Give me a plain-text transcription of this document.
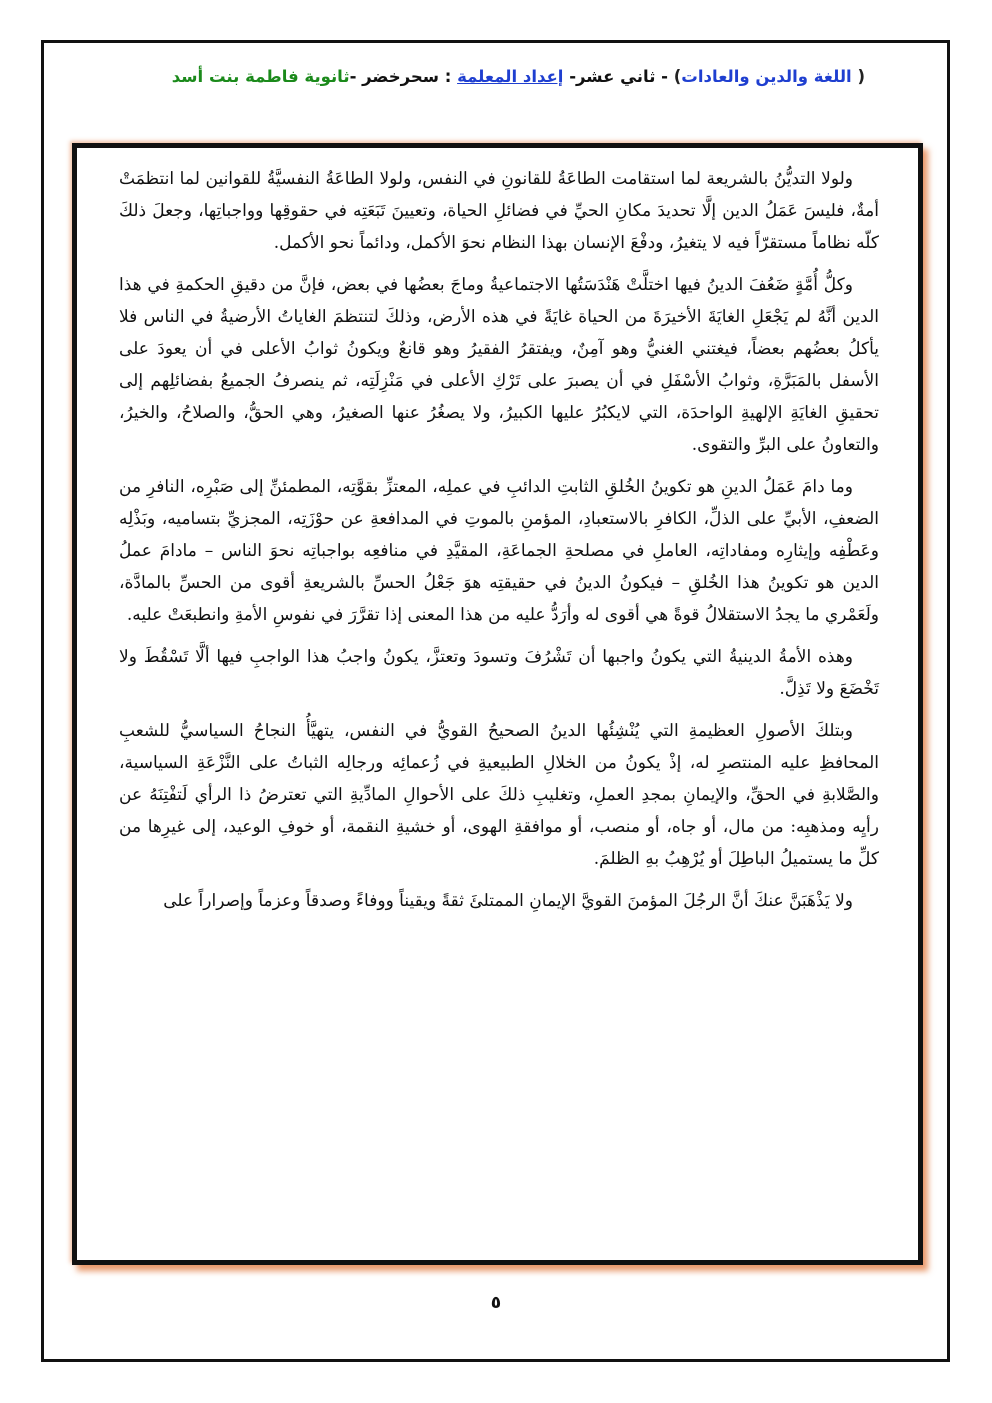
( اللغة والدين والعادات) - ثاني عشر- إعداد المعلمة : سحرخضر -ثانوية فاطمة بنت أسد

ولولا التديُّنُ بالشريعة لما استقامت الطاعَةُ للقانونِ في النفس، ولولا الطاعَةُ النفسيَّةُ للقوانين لما انتظمَتْ أمةٌ، فليسَ عَمَلُ الدين إلَّا تحديدَ مكانِ الحيِّ في فضائلِ الحياة، وتعيينَ تَبَعَتِه في حقوقِها وواجباتِها، وجعلَ ذلكَ كلّه نظاماً مستقرّاً فيه لا يتغيرُ، ودفْعَ الإنسان بهذا النظام نحوَ الأكمل، ودائماً نحو الأكمل.

وكلُّ أُمَّةٍ ضَعُفَ الدينُ فيها اختلَّتْ هَنْدَسَتُها الاجتماعيةُ وماجَ بعضُها في بعض، فإنَّ من دقيقِ الحكمةِ في هذا الدين أنَّهُ لم يَجْعَلِ الغايَةَ الأخيرَةَ من الحياة غايَةً في هذه الأرض، وذلكَ لتنتظمَ الغاياتُ الأرضيةُ في الناس فلا يأكلُ بعضُهم بعضاً، فيغتني الغنيُّ وهو آمِنٌ، ويفتقرُ الفقيرُ وهو قانعٌ ويكونُ ثوابُ الأعلى في أن يعودَ على الأسفل بالمَبَرَّةِ، وثوابُ الأسْفَلِ في أن يصبرَ على تَرْكِ الأعلى في مَنْزِلَتِه، ثم ينصرفُ الجميعُ بفضائلِهم إلى تحقيقِ الغايَةِ الإلهيةِ الواحدَة، التي لايكبُرُ عليها الكبيرُ، ولا يصغُرُ عنها الصغيرُ، وهي الحقُّ، والصلاحُ، والخيرُ، والتعاونُ على البرِّ والتقوى.

وما دامَ عَمَلُ الدينِ هو تكوينُ الخُلقِ الثابتِ الدائبِ في عملِه، المعتزِّ بقوَّتِه، المطمئنِّ إلى صَبْرِه، النافرِ من الضعفِ، الأبيِّ على الذلِّ، الكافرِ بالاستعبادِ، المؤمنِ بالموتِ في المدافعةِ عن حوْزَتِه، المجزيِّ بتساميه، وبَذْلِه وعَطْفِه وإيثارِه ومفاداتِه، العاملِ في مصلحةِ الجماعَةِ، المقيَّدِ في منافعِه بواجباتِه نحوَ الناس – مادامَ عملُ الدين هو تكوينُ هذا الخُلقِ – فيكونُ الدينُ في حقيقتِه هوَ جَعْلُ الحسِّ بالشريعةِ أقوى من الحسِّ بالمادَّة، ولَعَمْري ما يجدُ الاستقلالُ قوةً هي أقوى له وأرَدُّ عليه من هذا المعنى إذا تقرَّرَ في نفوسِ الأمةِ وانطبعَتْ عليه.

وهذه الأمةُ الدينيةُ التي يكونُ واجبها أن تَشْرُفَ وتسودَ وتعتزَّ، يكونُ واجبُ هذا الواجبِ فيها ألَّا تَسْقُطَ ولا تَخْضَعَ ولا تَذِلَّ.

وبتلكَ الأصولِ العظيمةِ التي يُنْشِئُها الدينُ الصحيحُ القويُّ في النفس، يتهيَّأُ النجاحُ السياسيُّ للشعبِ المحافظِ عليه المنتصرِ له، إذْ يكونُ من الخلالِ الطبيعيةِ في زُعمائِه ورجالِه الثباتُ على النَّزْعَةِ السياسية، والصَّلابةِ في الحقِّ، والإيمانِ بمجدِ العملِ، وتغليبِ ذلكَ على الأحوالِ المادِّيةِ التي تعترضُ ذا الرأي لَتفْتِنَهُ عن رأيِه ومذهبِه: من مال، أو جاه، أو منصب، أو موافقةِ الهوى، أو خشيةِ النقمة، أو خوفِ الوعيد، إلى غيرِها من كلِّ ما يستميلُ الباطِلَ أو يُرْهِبُ بهِ الظلمَ.

ولا يَذْهَبَنَّ عنكَ أنَّ الرجُلَ المؤمنَ القويَّ الإيمانِ الممتلئَ ثقةً ويقيناً ووفاءً وصدقاً وعزماً وإصراراً على

٥
